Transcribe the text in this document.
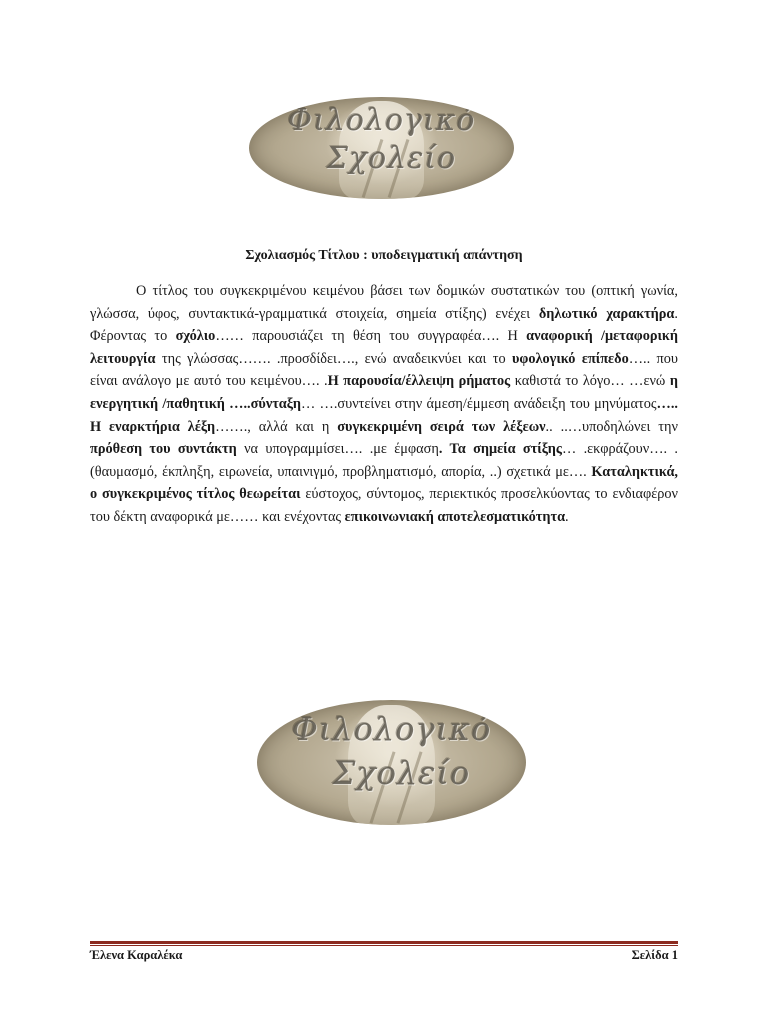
Φιλολογικό
Σχολείο
Σχολιασμός Τίτλου : υποδειγματική απάντηση

Ο τίτλος του συγκεκριμένου κειμένου βάσει των δομικών συστατικών του (οπτική γωνία, γλώσσα, ύφος, συντακτικά-γραμματικά στοιχεία, σημεία στίξης) ενέχει δηλωτικό χαρακτήρα. Φέροντας το σχόλιο…… παρουσιάζει τη θέση του συγγραφέα…. Η αναφορική /μεταφορική λειτουργία της γλώσσας……. .προσδίδει…., ενώ αναδεικνύει και το υφολογικό επίπεδο….. που είναι ανάλογο με αυτό του κειμένου…. .Η παρουσία/έλλειψη ρήματος καθιστά το λόγο… …ενώ η ενεργητική /παθητική …..σύνταξη… ….συντείνει στην άμεση/έμμεση ανάδειξη του μηνύματος….. Η εναρκτήρια λέξη……., αλλά και η συγκεκριμένη σειρά των λέξεων.. ..…υποδηλώνει την πρόθεση του συντάκτη να υπογραμμίσει…. .με έμφαση. Τα σημεία στίξης… .εκφράζουν…. .(θαυμασμό, έκπληξη, ειρωνεία, υπαινιγμό, προβληματισμό, απορία, ..) σχετικά με…. Καταληκτικά, ο συγκεκριμένος τίτλος θεωρείται εύστοχος, σύντομος, περιεκτικός προσελκύοντας το ενδιαφέρον του δέκτη αναφορικά με…… και ενέχοντας επικοινωνιακή αποτελεσματικότητα.

Φιλολογικό
Σχολείο
Έλενα Καραλέκα	Σελίδα 1
